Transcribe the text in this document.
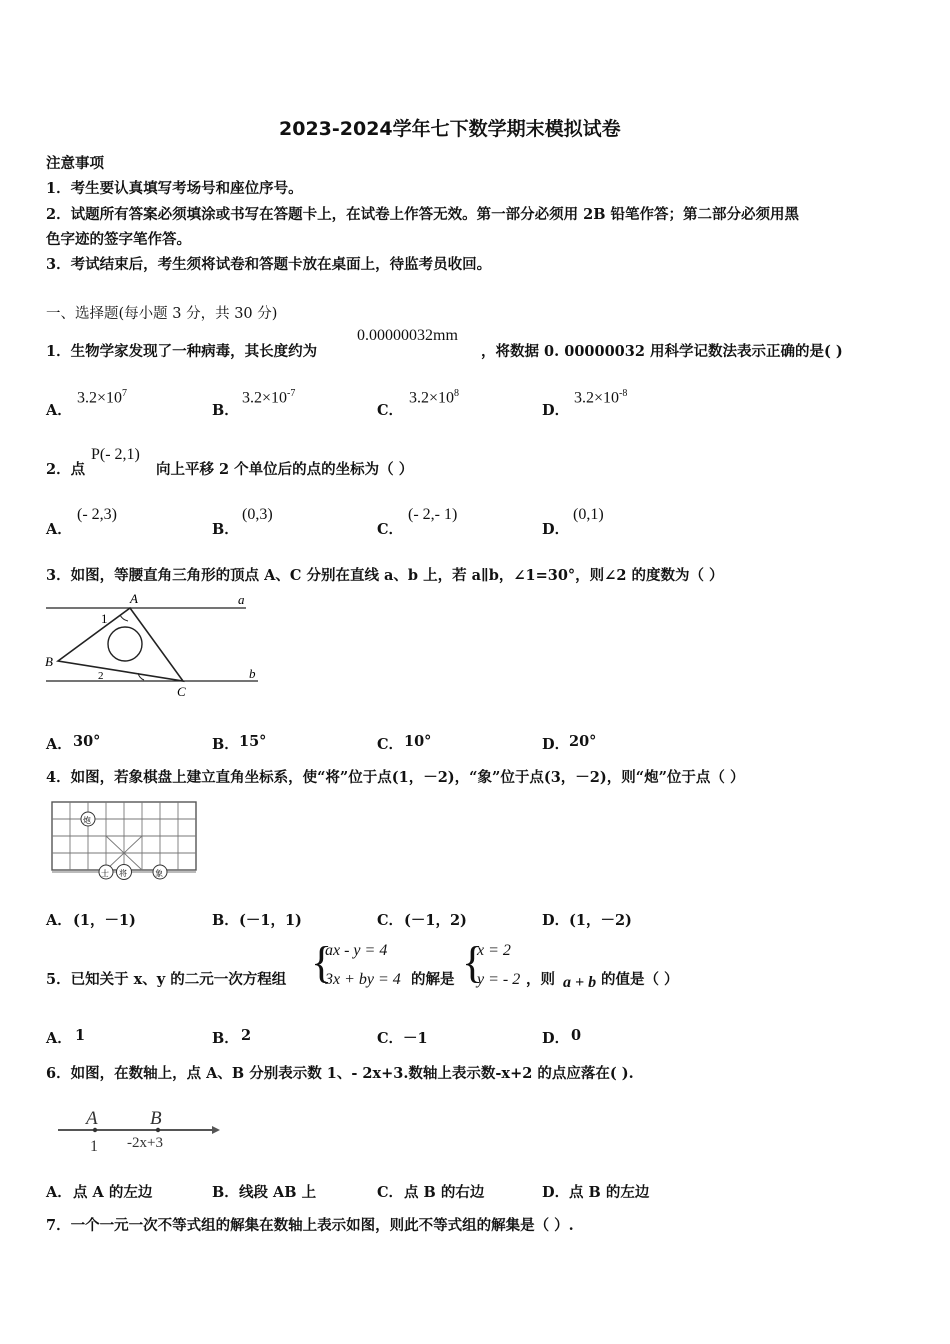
2023-2024学年七下数学期末模拟试卷
注意事项
1．考生要认真填写考场号和座位序号。
2．试题所有答案必须填涂或书写在答题卡上，在试卷上作答无效。第一部分必须用 2B 铅笔作答；第二部分必须用黑
色字迹的签字笔作答。
3．考试结束后，考生须将试卷和答题卡放在桌面上，待监考员收回。
一、选择题(每小题 3 分，共 30 分)
1．生物学家发现了一种病毒，其长度约为
0.00000032mm
，将数据 0. 00000032 用科学记数法表示正确的是( )
A．
$3.2\times 10^7$
B．
$3.2\times 10^{-7}$
C．
$3.2\times 10^8$
D．
$3.2\times 10^{-8}$
2．点
P(- 2,1)
向上平移 2 个单位后的点的坐标为（ ）
A．
(- 2,3)
B．
(0,3)
C．
(- 2,- 1)
D．
(0,1)
3．如图，等腰直角三角形的顶点 A、C 分别在直线 a、b 上，若 a∥b，∠1=30°，则∠2 的度数为（ ）
A
B
C
a
b
1
2
A． 30°	B． 15°	C． 10°	D． 20°
4．如图，若象棋盘上建立直角坐标系，使“将”位于点(1，－2)，“象”位于点(3，－2)，则“炮”位于点（ ）
炮
士 将	象
A． (1，－1)	B． (－1，1)	C． (－1，2)	D． (1，－2)
5．已知关于 x、y 的二元一次方程组 {
ax - y = 4
3x + by = 4 的解是 {
x = 2
y = - 2 ，则 a + b 的值是（ ）
A． 1	B． 2	C． －1	D． 0
6．如图，在数轴上，点 A、B 分别表示数 1、- 2x+3.数轴上表示数-x+2 的点应落在( ).
A	B
1 -2x+3
A． 点 A 的左边	B． 线段 AB 上	C． 点 B 的右边	D． 点 B 的左边
7．一个一元一次不等式组的解集在数轴上表示如图，则此不等式组的解集是（ ）.
